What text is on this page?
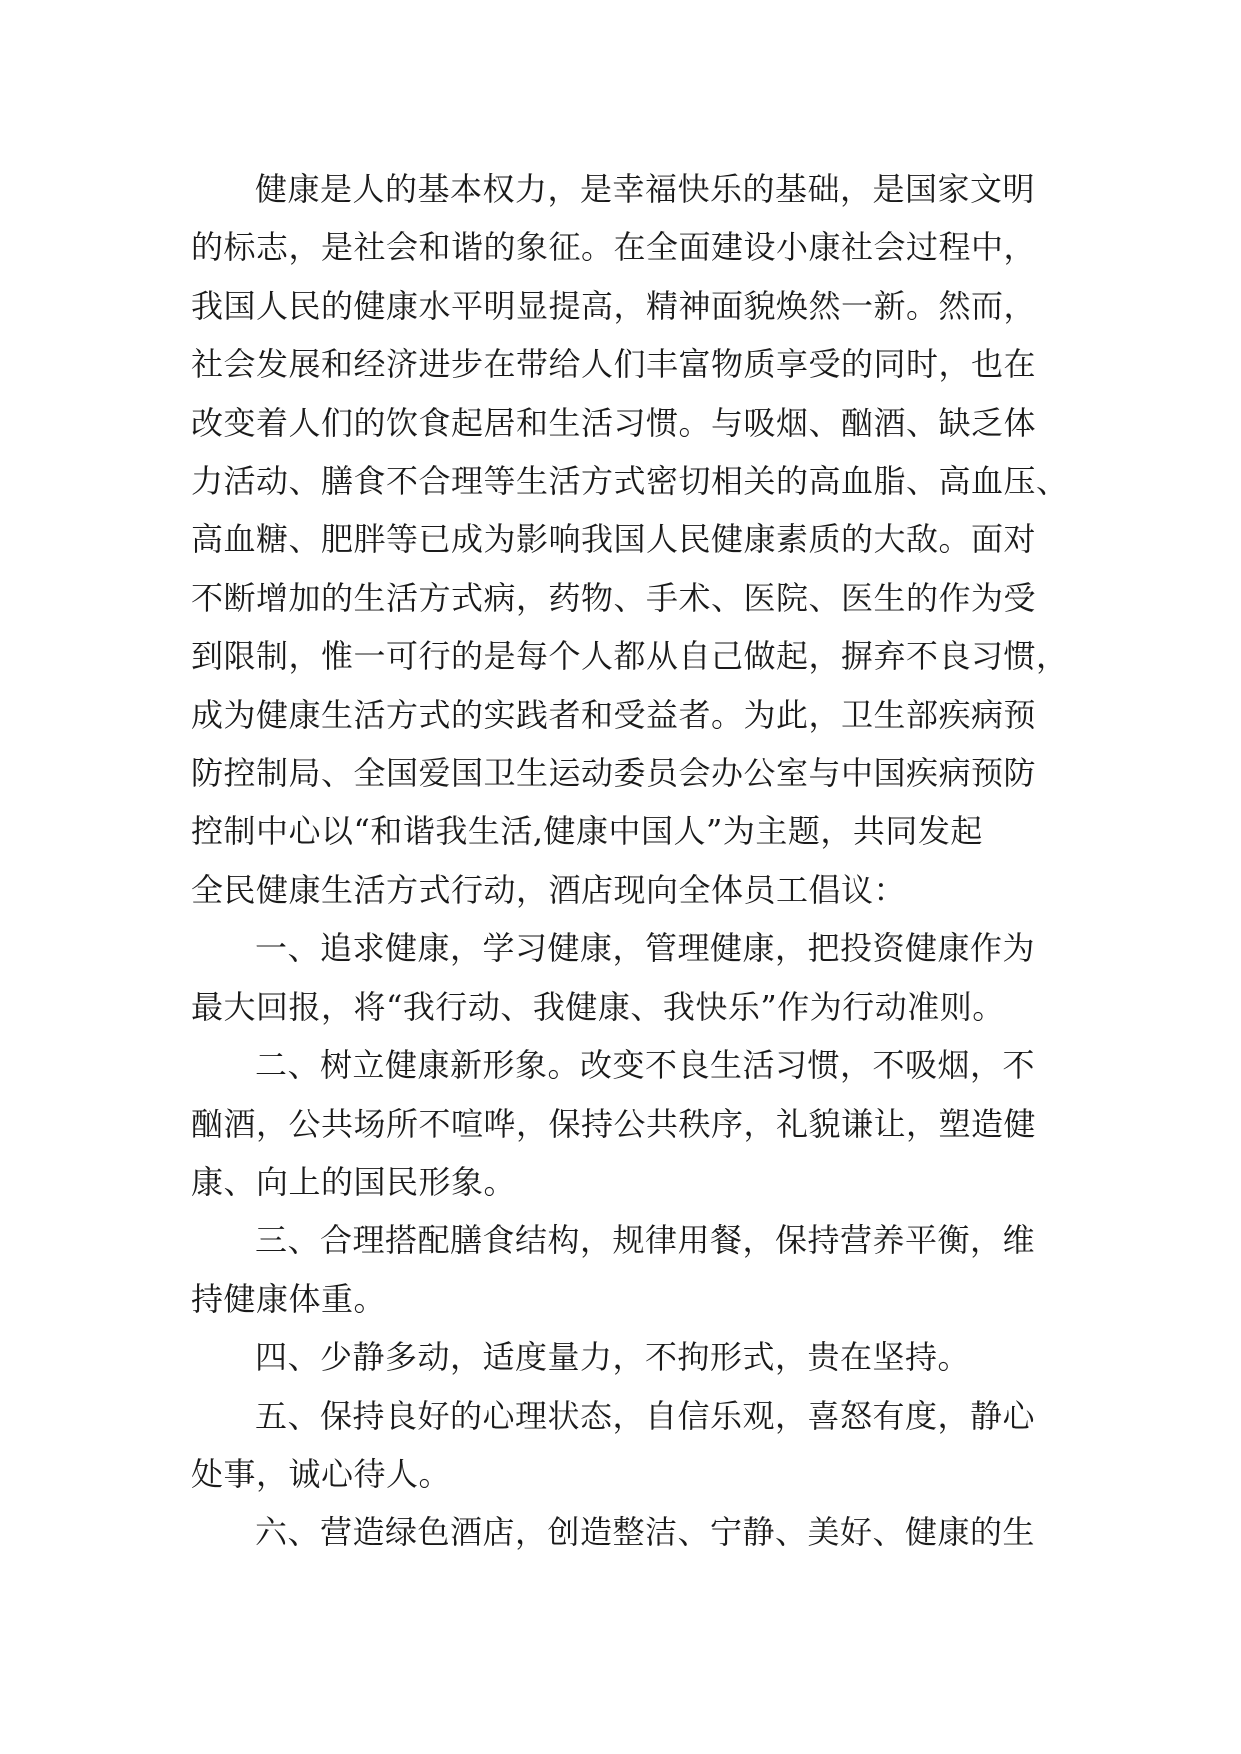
健康是人的基本权力，是幸福快乐的基础，是国家文明
的标志，是社会和谐的象征。在全面建设小康社会过程中，
我国人民的健康水平明显提高，精神面貌焕然一新。然而，
社会发展和经济进步在带给人们丰富物质享受的同时，也在
改变着人们的饮食起居和生活习惯。与吸烟、酗酒、缺乏体
力活动、膳食不合理等生活方式密切相关的高血脂、高血压、
高血糖、肥胖等已成为影响我国人民健康素质的大敌。面对
不断增加的生活方式病，药物、手术、医院、医生的作为受
到限制，惟一可行的是每个人都从自己做起，摒弃不良习惯，
成为健康生活方式的实践者和受益者。为此，卫生部疾病预
防控制局、全国爱国卫生运动委员会办公室与中国疾病预防
控制中心以“和谐我生活,健康中国人”为主题，共同发起
全民健康生活方式行动，酒店现向全体员工倡议：

一、追求健康，学习健康，管理健康，把投资健康作为
最大回报，将“我行动、我健康、我快乐”作为行动准则。

二、树立健康新形象。改变不良生活习惯，不吸烟，不
酗酒，公共场所不喧哗，保持公共秩序，礼貌谦让，塑造健
康、向上的国民形象。

三、合理搭配膳食结构，规律用餐，保持营养平衡，维
持健康体重。

四、少静多动，适度量力，不拘形式，贵在坚持。

五、保持良好的心理状态，自信乐观，喜怒有度，静心
处事，诚心待人。

六、营造绿色酒店，创造整洁、宁静、美好、健康的生
